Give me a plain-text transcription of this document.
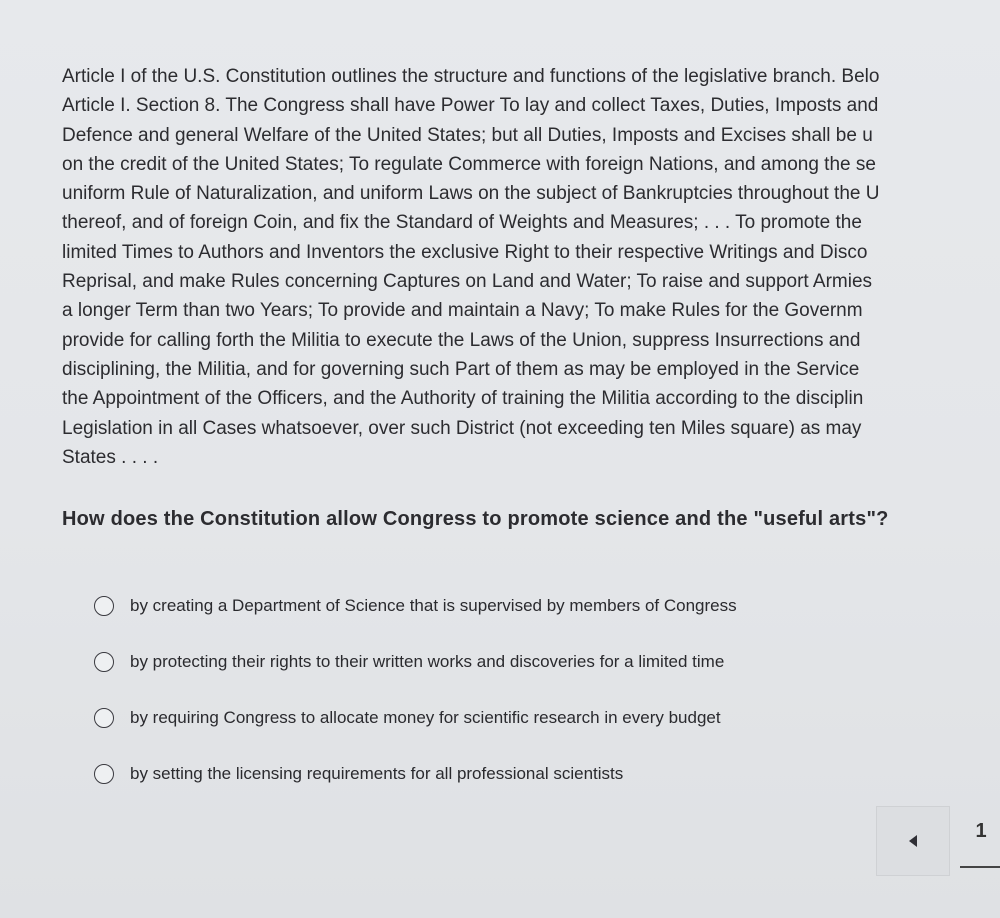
Article I of the U.S. Constitution outlines the structure and functions of the legislative branch. Belo
Article I. Section 8. The Congress shall have Power To lay and collect Taxes, Duties, Imposts and
Defence and general Welfare of the United States; but all Duties, Imposts and Excises shall be u
on the credit of the United States; To regulate Commerce with foreign Nations, and among the se
uniform Rule of Naturalization, and uniform Laws on the subject of Bankruptcies throughout the U
thereof, and of foreign Coin, and fix the Standard of Weights and Measures; . . . To promote the
limited Times to Authors and Inventors the exclusive Right to their respective Writings and Disco
Reprisal, and make Rules concerning Captures on Land and Water; To raise and support Armies
a longer Term than two Years; To provide and maintain a Navy; To make Rules for the Governm
provide for calling forth the Militia to execute the Laws of the Union, suppress Insurrections and
disciplining, the Militia, and for governing such Part of them as may be employed in the Service
the Appointment of the Officers, and the Authority of training the Militia according to the disciplin
Legislation in all Cases whatsoever, over such District (not exceeding ten Miles square) as may
States . . . .
How does the Constitution allow Congress to promote science and the "useful arts"?
by creating a Department of Science that is supervised by members of Congress
by protecting their rights to their written works and discoveries for a limited time
by requiring Congress to allocate money for scientific research in every budget
by setting the licensing requirements for all professional scientists
1
